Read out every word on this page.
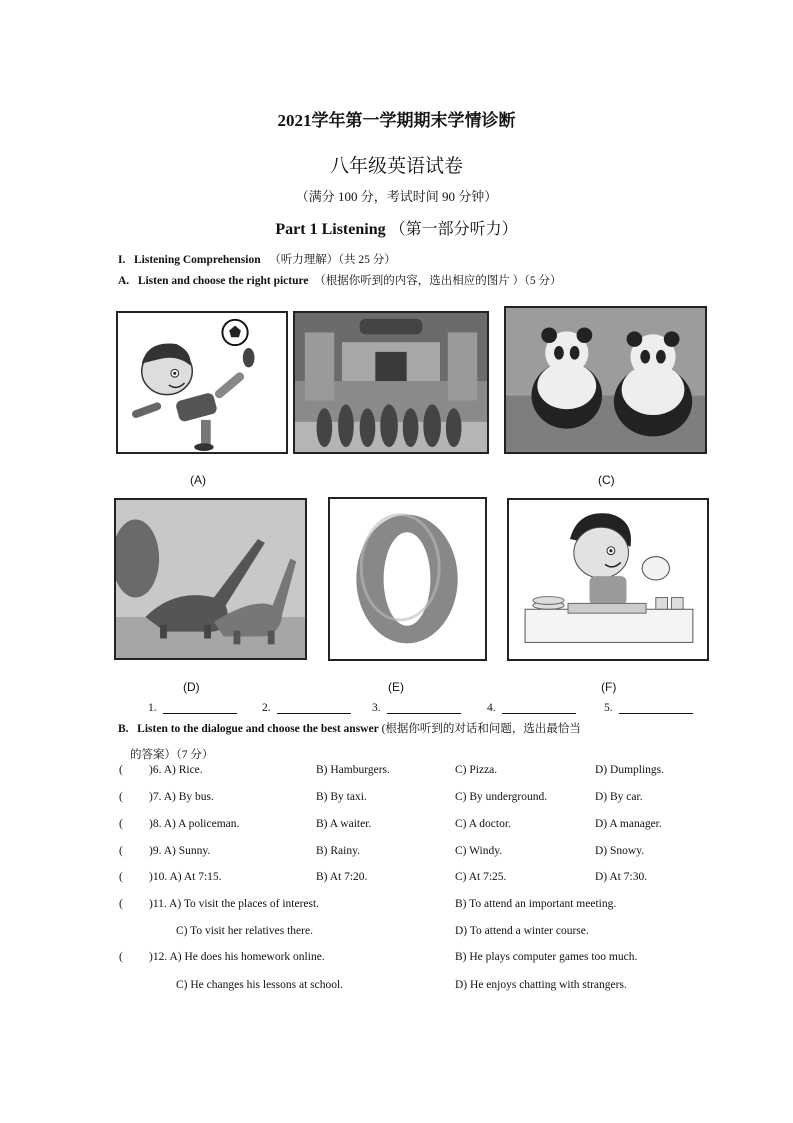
2021学年第一学期期末学情诊断
八年级英语试卷
（满分 100 分，考试时间 90 分钟）
Part 1 Listening （第一部分听力）
I. Listening Comprehension （听力理解）（共 25 分）
A. Listen and choose the right picture （根据你听到的内容，选出相应的图片 ）（5 分）
(A)	(C)
(D)	(E)	(F)
1.	2.	3.	4.	5.
B. Listen to the dialogue and choose the best answer (根据你听到的对话和问题，选出最恰当
的答案）（7 分）
( )6. A) Rice.	B) Hamburgers.	C) Pizza.	D) Dumplings.
( )7. A) By bus.	B) By taxi.	C) By underground.	D) By car.
( )8. A) A policeman.	B) A waiter.	C) A doctor.	D) A manager.
( )9. A) Sunny.	B) Rainy.	C) Windy.	D) Snowy.
( )10. A) At 7:15.	B) At 7:20.	C) At 7:25.	D) At 7:30.
( )11. A) To visit the places of interest.	B) To attend an important meeting.
C) To visit her relatives there.	D) To attend a winter course.
( )12. A) He does his homework online.	B) He plays computer games too much.
C) He changes his lessons at school.	D) He enjoys chatting with strangers.
